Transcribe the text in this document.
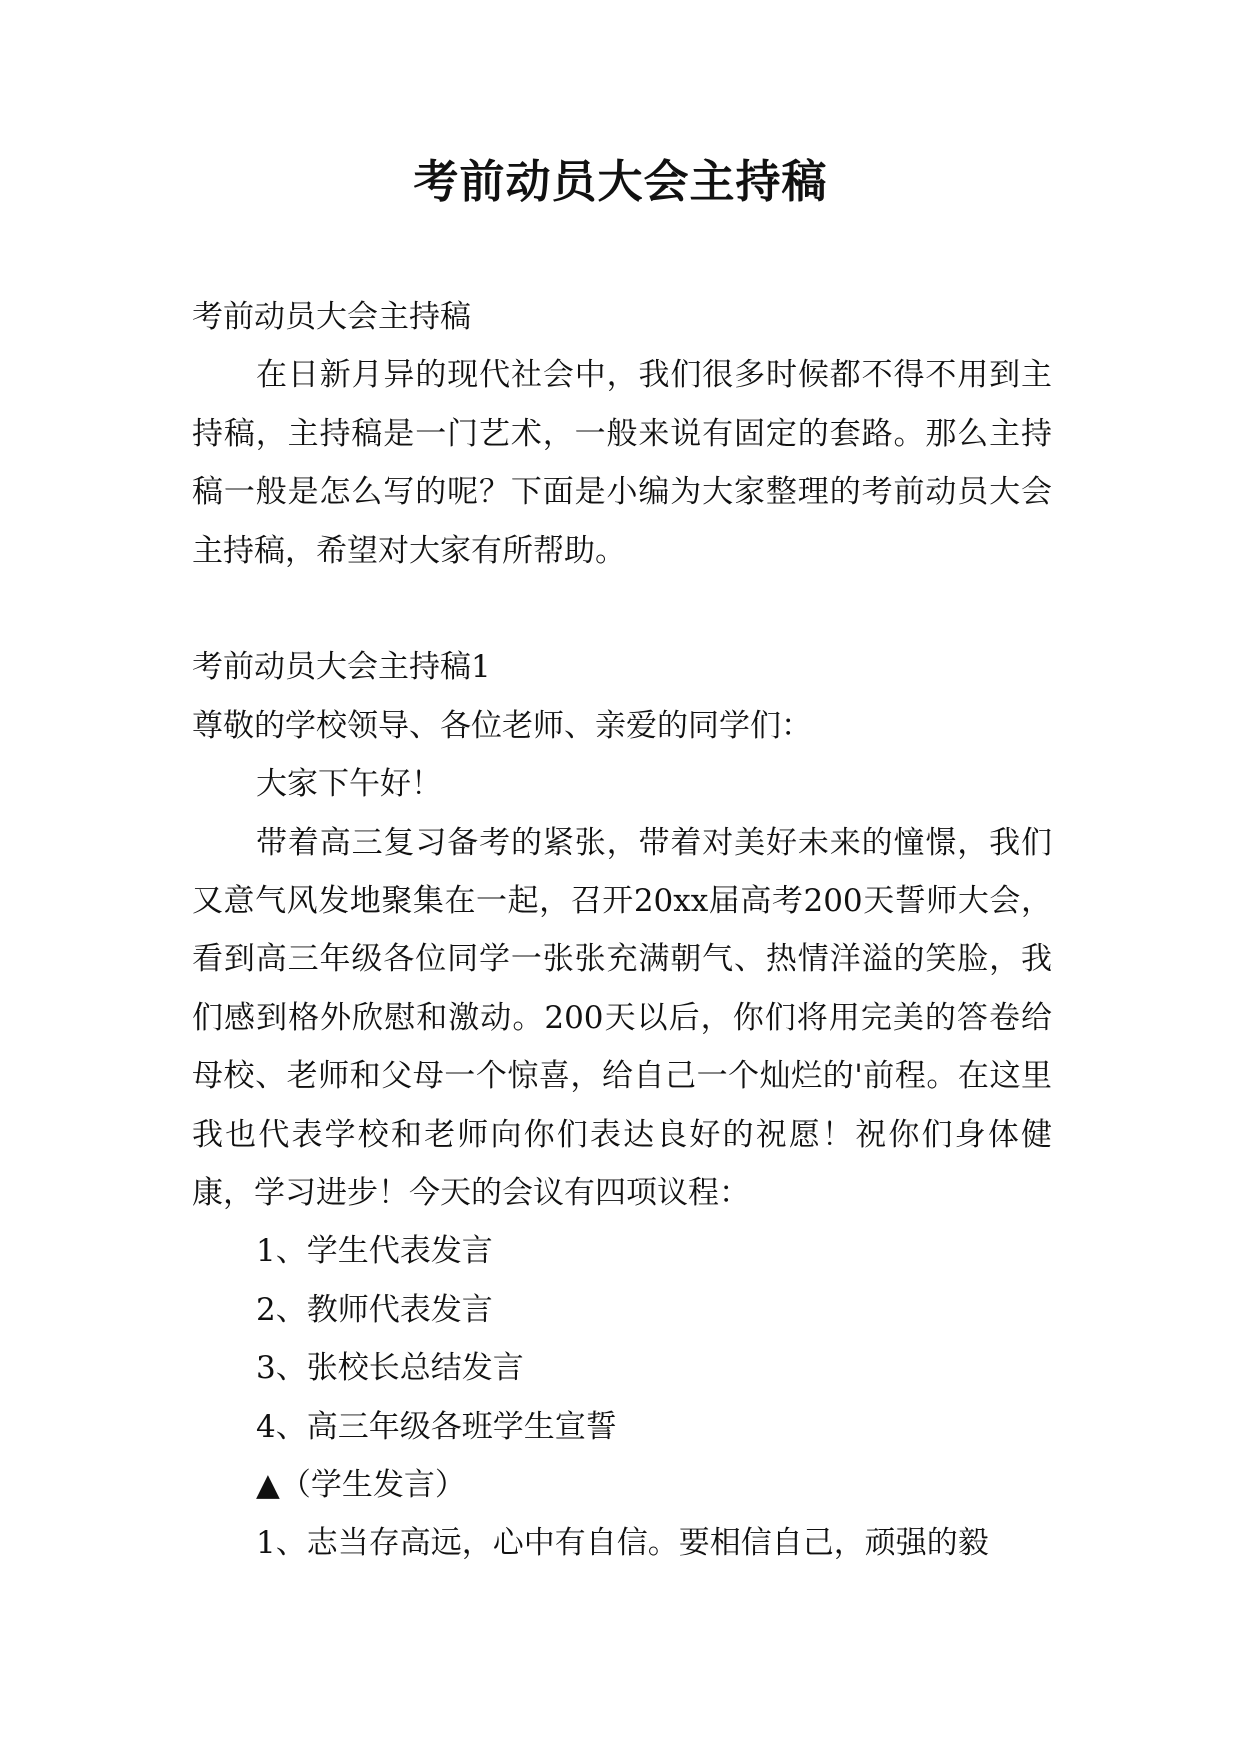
考前动员大会主持稿
考前动员大会主持稿
在日新月异的现代社会中，我们很多时候都不得不用到主持稿，主持稿是一门艺术，一般来说有固定的套路。那么主持稿一般是怎么写的呢？下面是小编为大家整理的考前动员大会主持稿，希望对大家有所帮助。
考前动员大会主持稿1
尊敬的学校领导、各位老师、亲爱的同学们：
大家下午好！
带着高三复习备考的紧张，带着对美好未来的憧憬，我们又意气风发地聚集在一起，召开20xx届高考200天誓师大会，看到高三年级各位同学一张张充满朝气、热情洋溢的笑脸，我们感到格外欣慰和激动。200天以后，你们将用完美的答卷给母校、老师和父母一个惊喜，给自己一个灿烂的'前程。在这里我也代表学校和老师向你们表达良好的祝愿！祝你们身体健康，学习进步！今天的会议有四项议程：
1、学生代表发言
2、教师代表发言
3、张校长总结发言
4、高三年级各班学生宣誓
▲（学生发言）
1、志当存高远，心中有自信。要相信自己，顽强的毅
